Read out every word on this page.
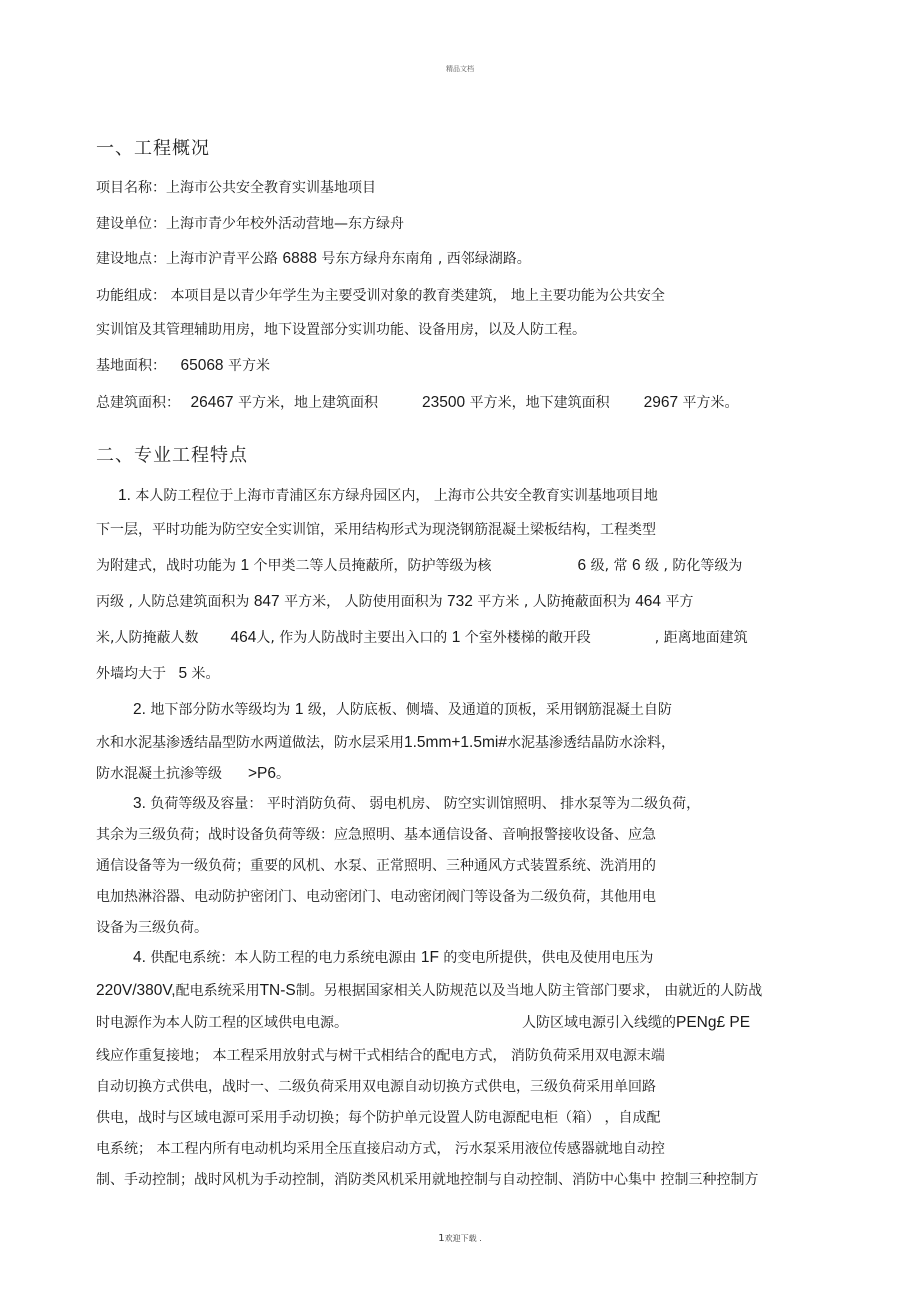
精品文档
一、工程概况
项目名称：上海市公共安全教育实训基地项目
建设单位：上海市青少年校外活动营地—东方绿舟
建设地点：上海市沪青平公路 6888 号东方绿舟东南角 , 西邻绿湖路。
功能组成： 本项目是以青少年学生为主要受训对象的教育类建筑， 地上主要功能为公共安全
实训馆及其管理辅助用房，地下设置部分实训功能、设备用房，以及人防工程。
基地面积： 65068 平方米
总建筑面积： 26467 平方米，地上建筑面积	23500 平方米，地下建筑面积 2967 平方米。
二、专业工程特点
1. 本人防工程位于上海市青浦区东方绿舟园区内， 上海市公共安全教育实训基地项目地
下一层，平时功能为防空安全实训馆，采用结构形式为现浇钢筋混凝土梁板结构，工程类型
为附建式，战时功能为 1 个甲类二等人员掩蔽所，防护等级为核	6 级, 常 6 级 , 防化等级为
丙级 , 人防总建筑面积为 847 平方米， 人防使用面积为 732 平方米 , 人防掩蔽面积为 464 平方
米,人防掩蔽人数 464人, 作为人防战时主要出入口的 1 个室外楼梯的敞开段	, 距离地面建筑
外墙均大于 5 米。
2. 地下部分防水等级均为 1 级，人防底板、侧墙、及通道的顶板，采用钢筋混凝土自防
水和水泥基渗透结晶型防水两道做法，防水层采用1.5mm+1.5mi#水泥基渗透结晶防水涂料，
防水混凝土抗渗等级 >P6。
3. 负荷等级及容量： 平时消防负荷、 弱电机房、 防空实训馆照明、 排水泵等为二级负荷，
其余为三级负荷；战时设备负荷等级：应急照明、基本通信设备、音响报警接收设备、应急
通信设备等为一级负荷；重要的风机、水泵、正常照明、三种通风方式装置系统、洗消用的
电加热淋浴器、电动防护密闭门、电动密闭门、电动密闭阀门等设备为二级负荷，其他用电
设备为三级负荷。
4. 供配电系统：本人防工程的电力系统电源由 1F 的变电所提供，供电及使用电压为
220V/380V,配电系统采用TN-S制。另根据国家相关人防规范以及当地人防主管部门要求， 由就近的人防战
时电源作为本人防工程的区域供电电源。	人防区域电源引入线缆的PENg£ PE
线应作重复接地； 本工程采用放射式与树干式相结合的配电方式， 消防负荷采用双电源末端
自动切换方式供电，战时一、二级负荷采用双电源自动切换方式供电，三级负荷采用单回路
供电，战时与区域电源可采用手动切换；每个防护单元设置人防电源配电柜（箱） ，自成配
电系统； 本工程内所有电动机均采用全压直接启动方式， 污水泵采用液位传感器就地自动控
制、手动控制；战时风机为手动控制，消防类风机采用就地控制与自动控制、消防中心集中 控制三种控制方
1欢迎下载 .
